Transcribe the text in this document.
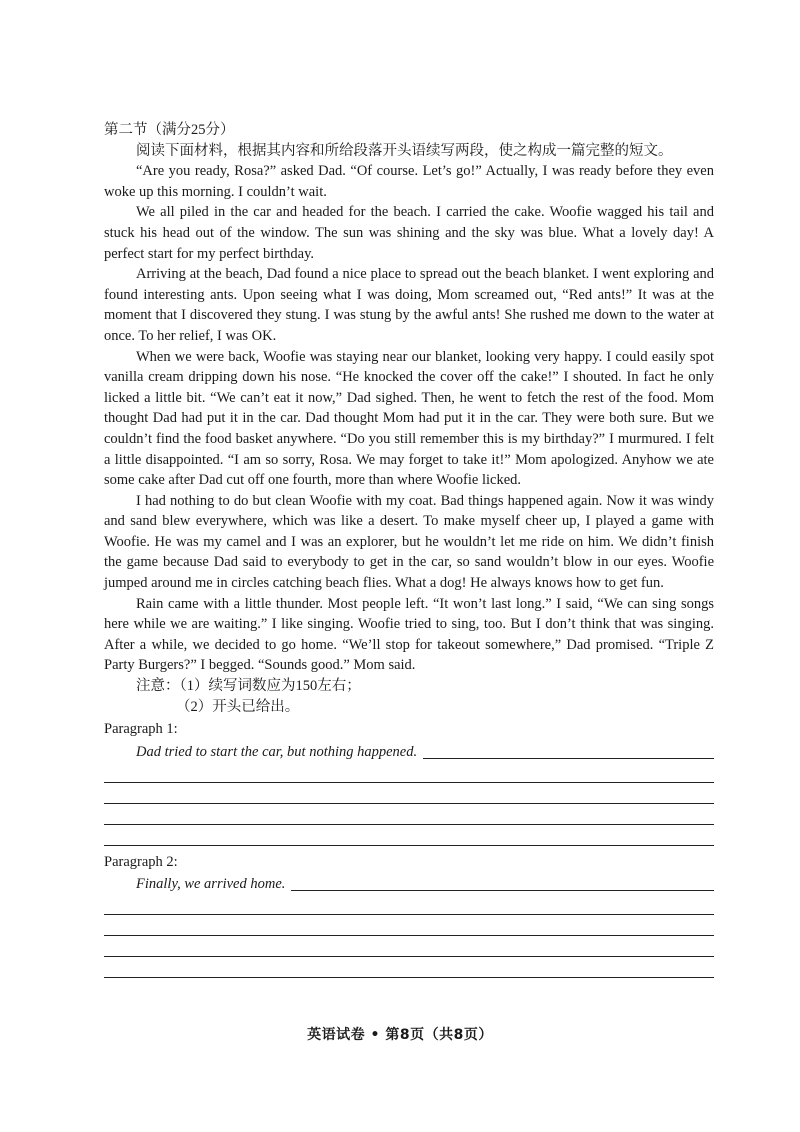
第二节（满分25分）

阅读下面材料，根据其内容和所给段落开头语续写两段，使之构成一篇完整的短文。

“Are you ready, Rosa?” asked Dad. “Of course. Let’s go!” Actually, I was ready before they even woke up this morning. I couldn’t wait.

We all piled in the car and headed for the beach. I carried the cake. Woofie wagged his tail and stuck his head out of the window. The sun was shining and the sky was blue. What a lovely day! A perfect start for my perfect birthday.

Arriving at the beach, Dad found a nice place to spread out the beach blanket. I went exploring and found interesting ants. Upon seeing what I was doing, Mom screamed out, “Red ants!” It was at the moment that I discovered they stung. I was stung by the awful ants! She rushed me down to the water at once. To her relief, I was OK.

When we were back, Woofie was staying near our blanket, looking very happy. I could easily spot vanilla cream dripping down his nose. “He knocked the cover off the cake!” I shouted. In fact he only licked a little bit. “We can’t eat it now,” Dad sighed. Then, he went to fetch the rest of the food. Mom thought Dad had put it in the car. Dad thought Mom had put it in the car. They were both sure. But we couldn’t find the food basket anywhere. “Do you still remember this is my birthday?” I murmured. I felt a little disappointed. “I am so sorry, Rosa. We may forget to take it!” Mom apologized. Anyhow we ate some cake after Dad cut off one fourth, more than where Woofie licked.

I had nothing to do but clean Woofie with my coat. Bad things happened again. Now it was windy and sand blew everywhere, which was like a desert. To make myself cheer up, I played a game with Woofie. He was my camel and I was an explorer, but he wouldn’t let me ride on him. We didn’t finish the game because Dad said to everybody to get in the car, so sand wouldn’t blow in our eyes. Woofie jumped around me in circles catching beach flies. What a dog! He always knows how to get fun.

Rain came with a little thunder. Most people left. “It won’t last long.” I said, “We can sing songs here while we are waiting.” I like singing. Woofie tried to sing, too. But I don’t think that was singing. After a while, we decided to go home. “We’ll stop for takeout somewhere,” Dad promised. “Triple Z Party Burgers?” I begged. “Sounds good.” Mom said.

注意：（1）续写词数应为150左右；
（2）开头已给出。
Paragraph 1:
Dad tried to start the car, but nothing happened.
Paragraph 2:
Finally, we arrived home.
英语试卷 • 第8页（共8页）
